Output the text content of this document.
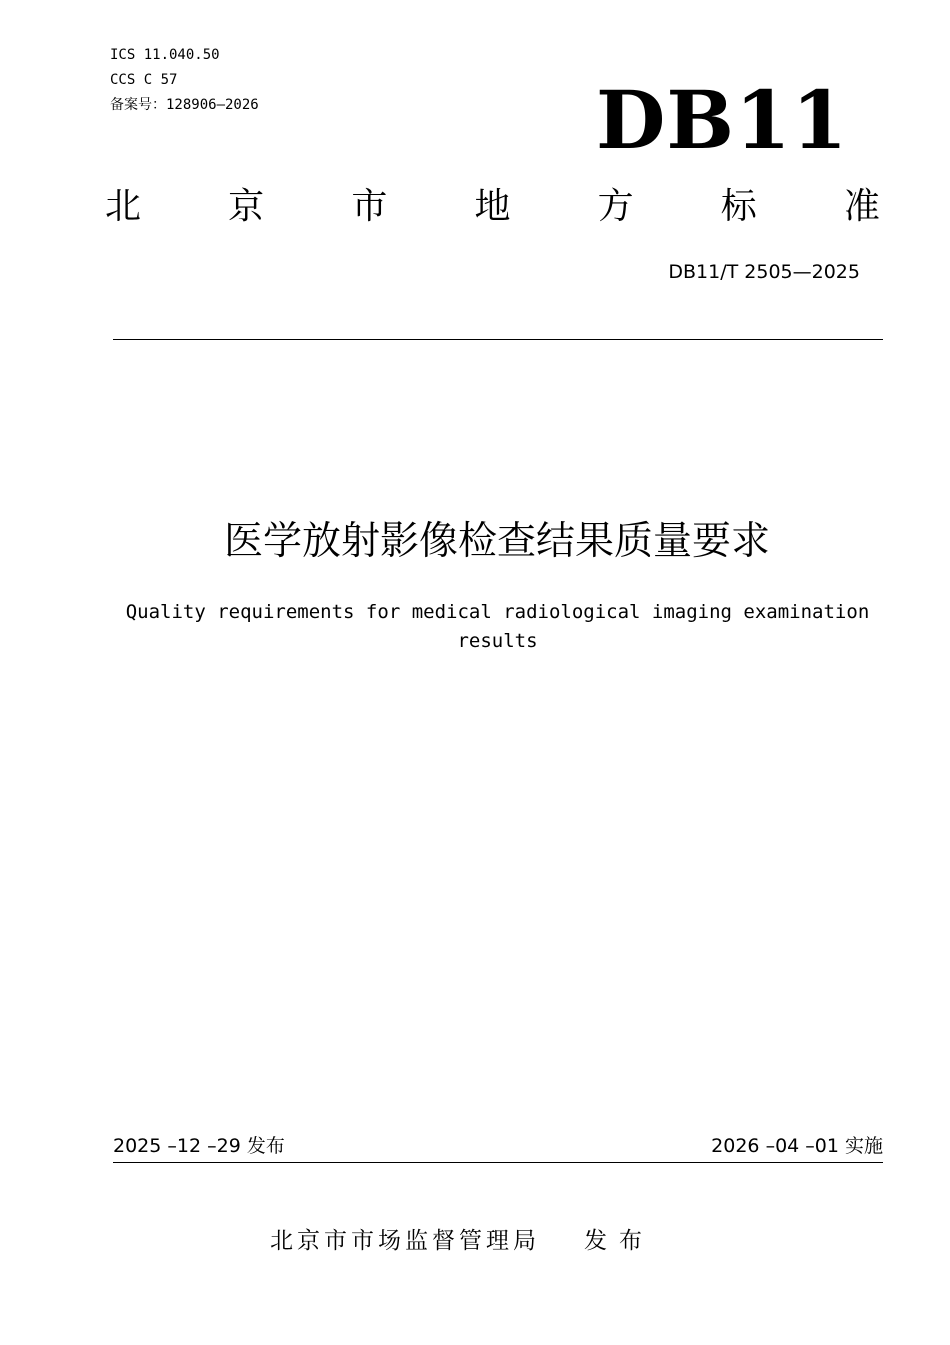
ICS 11.040.50
CCS C 57
备案号：128906—2026	DB11
北 京 市 地 方 标 准
DB11/T 2505—2025
医学放射影像检查结果质量要求
Quality requirements for medical radiological imaging examination results
2025 –12 –29 发布	2026 –04 –01 实施
北京市市场监督管理局 发布
